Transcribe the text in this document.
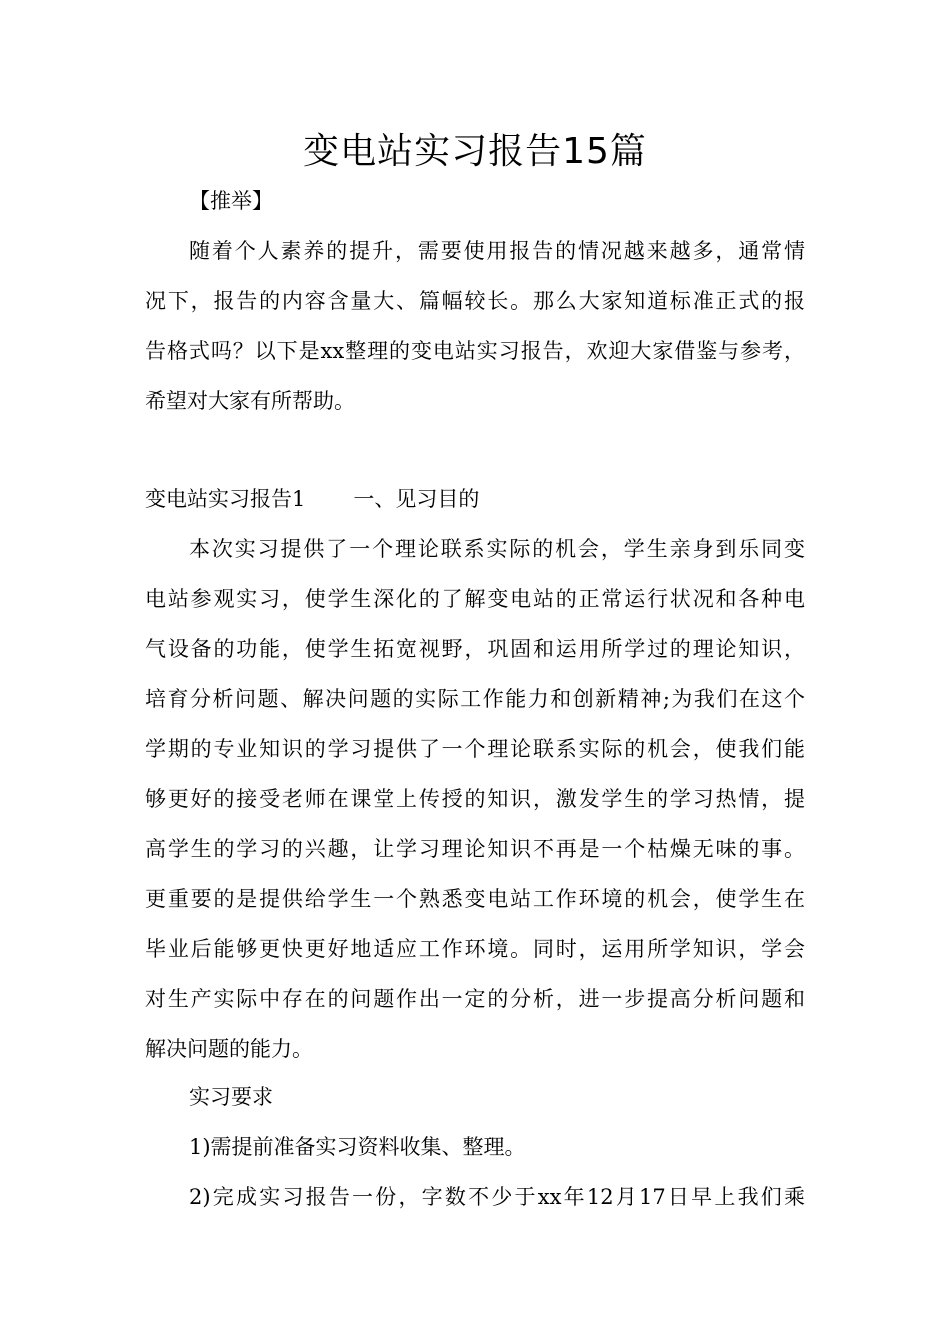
变电站实习报告15篇

【推举】

随着个人素养的提升，需要使用报告的情况越来越多，通常情

况下，报告的内容含量大、篇幅较长。那么大家知道标准正式的报

告格式吗？以下是xx整理的变电站实习报告，欢迎大家借鉴与参考，

希望对大家有所帮助。

变电站实习报告1 一、见习目的

本次实习提供了一个理论联系实际的机会，学生亲身到乐同变

电站参观实习，使学生深化的了解变电站的正常运行状况和各种电

气设备的功能，使学生拓宽视野，巩固和运用所学过的理论知识，

培育分析问题、解决问题的实际工作能力和创新精神;为我们在这个

学期的专业知识的学习提供了一个理论联系实际的机会，使我们能

够更好的接受老师在课堂上传授的知识，激发学生的学习热情，提

高学生的学习的兴趣，让学习理论知识不再是一个枯燥无味的事。

更重要的是提供给学生一个熟悉变电站工作环境的机会，使学生在

毕业后能够更快更好地适应工作环境。同时，运用所学知识，学会

对生产实际中存在的问题作出一定的分析，进一步提高分析问题和

解决问题的能力。

实习要求

1)需提前准备实习资料收集、整理。

2)完成实习报告一份，字数不少于xx年12月17日早上我们乘
